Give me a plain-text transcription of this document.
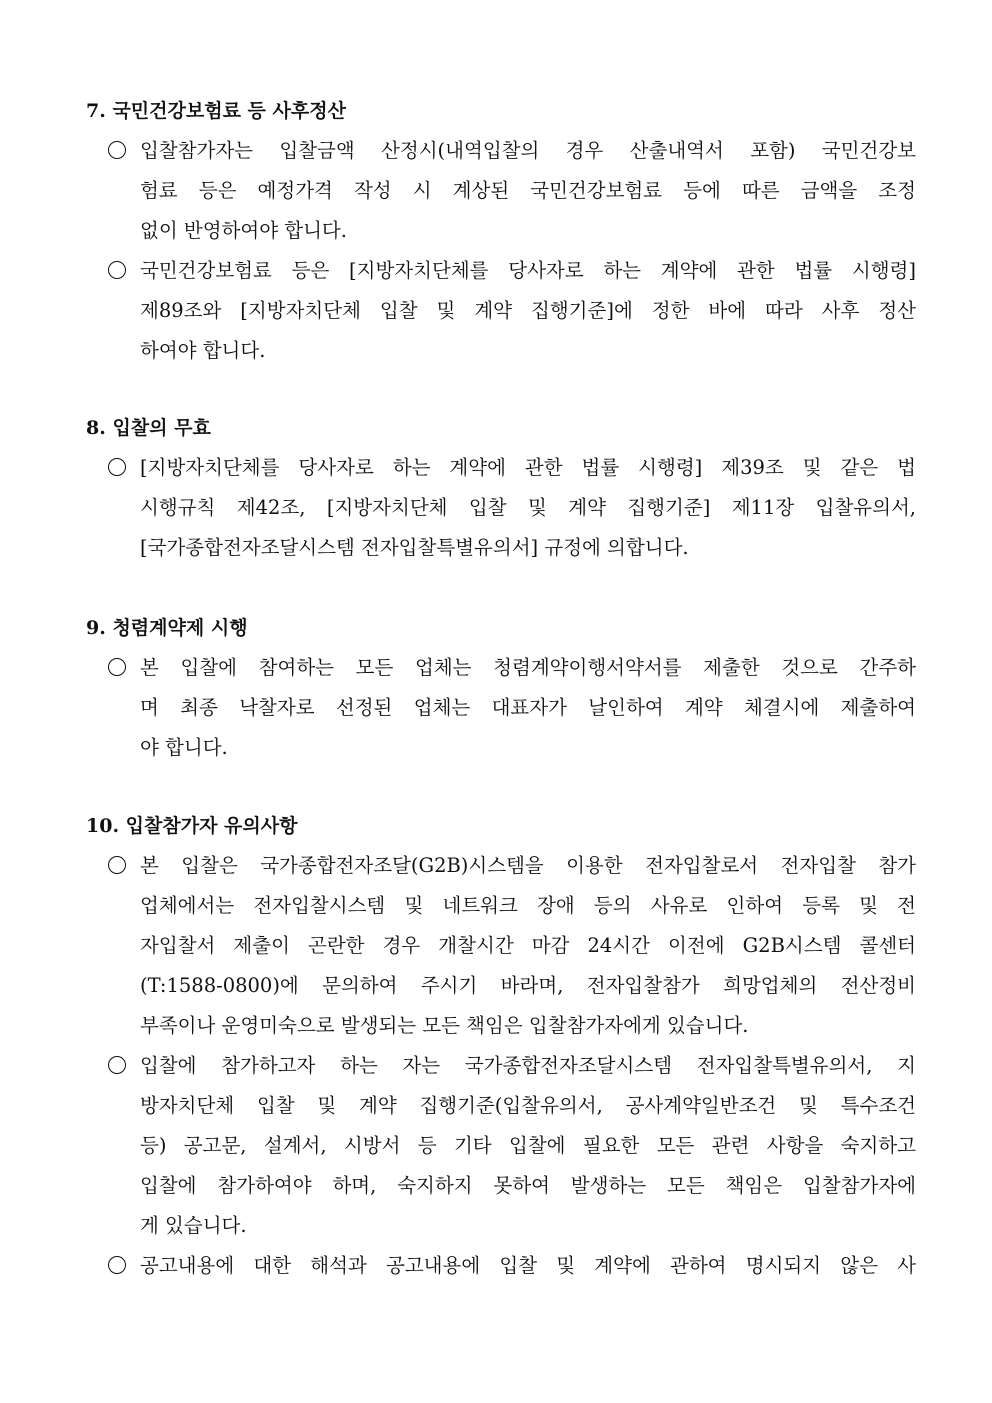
7. 국민건강보험료 등 사후정산
입찰참가자는 입찰금액 산정시(내역입찰의 경우 산출내역서 포함) 국민건강보
험료 등은 예정가격 작성 시 계상된 국민건강보험료 등에 따른 금액을 조정
없이 반영하여야 합니다.
국민건강보험료 등은 [지방자치단체를 당사자로 하는 계약에 관한 법률 시행령]
제89조와 [지방자치단체 입찰 및 계약 집행기준]에 정한 바에 따라 사후 정산
하여야 합니다.
8. 입찰의 무효
[지방자치단체를 당사자로 하는 계약에 관한 법률 시행령] 제39조 및 같은 법
시행규칙 제42조, [지방자치단체 입찰 및 계약 집행기준] 제11장 입찰유의서,
[국가종합전자조달시스템 전자입찰특별유의서] 규정에 의합니다.
9. 청렴계약제 시행
본 입찰에 참여하는 모든 업체는 청렴계약이행서약서를 제출한 것으로 간주하
며 최종 낙찰자로 선정된 업체는 대표자가 날인하여 계약 체결시에 제출하여
야 합니다.
10. 입찰참가자 유의사항
본 입찰은 국가종합전자조달(G2B)시스템을 이용한 전자입찰로서 전자입찰 참가
업체에서는 전자입찰시스템 및 네트워크 장애 등의 사유로 인하여 등록 및 전
자입찰서 제출이 곤란한 경우 개찰시간 마감 24시간 이전에 G2B시스템 콜센터
(T:1588-0800)에 문의하여 주시기 바라며, 전자입찰참가 희망업체의 전산정비
부족이나 운영미숙으로 발생되는 모든 책임은 입찰참가자에게 있습니다.
입찰에 참가하고자 하는 자는 국가종합전자조달시스템 전자입찰특별유의서, 지
방자치단체 입찰 및 계약 집행기준(입찰유의서, 공사계약일반조건 및 특수조건
등) 공고문, 설계서, 시방서 등 기타 입찰에 필요한 모든 관련 사항을 숙지하고
입찰에 참가하여야 하며, 숙지하지 못하여 발생하는 모든 책임은 입찰참가자에
게 있습니다.
공고내용에 대한 해석과 공고내용에 입찰 및 계약에 관하여 명시되지 않은 사
